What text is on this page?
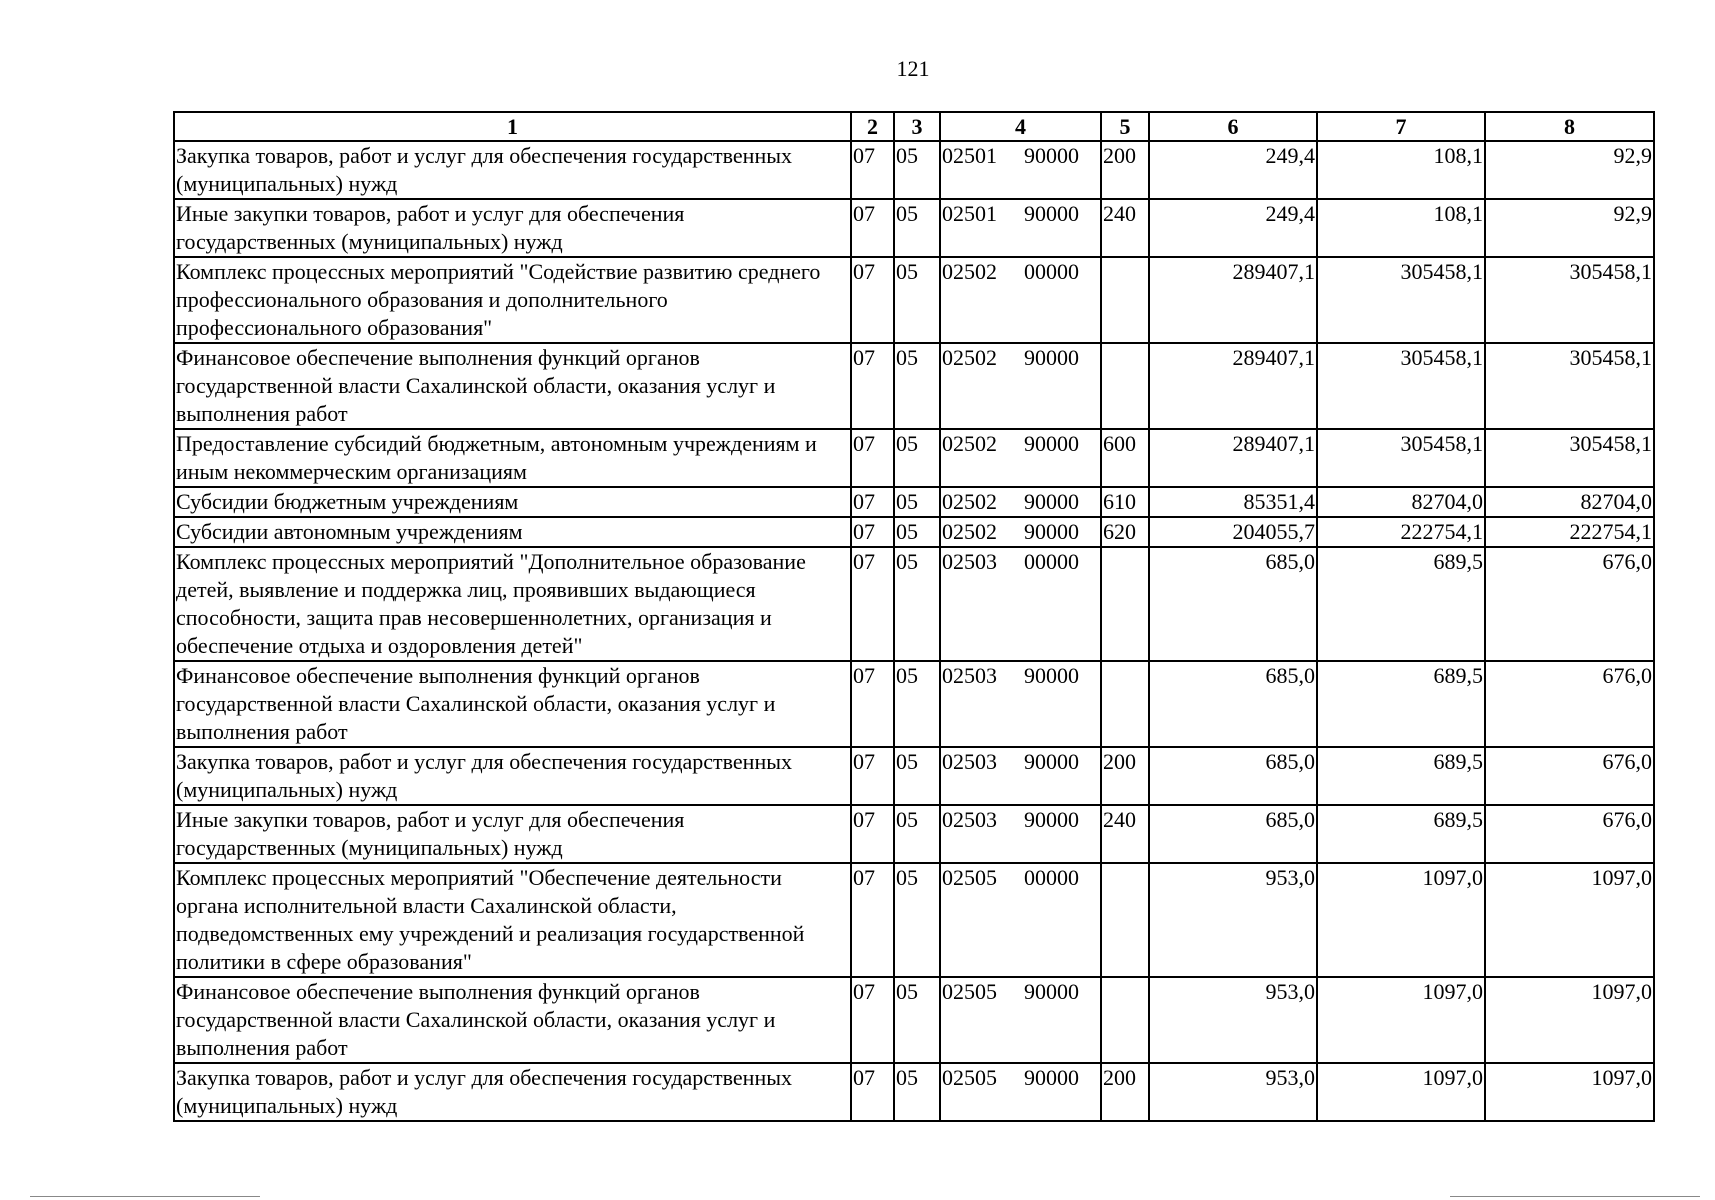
121
1	2	3	4	5	6	7	8
Закупка товаров, работ и услуг для обеспечения государственных (муниципальных) нужд	07	05	02501 90000	200	249,4	108,1	92,9
Иные закупки товаров, работ и услуг для обеспечения государственных (муниципальных) нужд	07	05	02501 90000	240	249,4	108,1	92,9
Комплекс процессных мероприятий "Содействие развитию среднего профессионального образования и дополнительного профессионального образования"	07	05	02502 00000		289407,1	305458,1	305458,1
Финансовое обеспечение выполнения функций органов государственной власти Сахалинской области, оказания услуг и выполнения работ	07	05	02502 90000		289407,1	305458,1	305458,1
Предоставление субсидий бюджетным, автономным учреждениям и иным некоммерческим организациям	07	05	02502 90000	600	289407,1	305458,1	305458,1
Субсидии бюджетным учреждениям	07	05	02502 90000	610	85351,4	82704,0	82704,0
Субсидии автономным учреждениям	07	05	02502 90000	620	204055,7	222754,1	222754,1
Комплекс процессных мероприятий "Дополнительное образование детей, выявление и поддержка лиц, проявивших выдающиеся способности, защита прав несовершеннолетних, организация и обеспечение отдыха и оздоровления детей"	07	05	02503 00000		685,0	689,5	676,0
Финансовое обеспечение выполнения функций органов государственной власти Сахалинской области, оказания услуг и выполнения работ	07	05	02503 90000		685,0	689,5	676,0
Закупка товаров, работ и услуг для обеспечения государственных (муниципальных) нужд	07	05	02503 90000	200	685,0	689,5	676,0
Иные закупки товаров, работ и услуг для обеспечения государственных (муниципальных) нужд	07	05	02503 90000	240	685,0	689,5	676,0
Комплекс процессных мероприятий "Обеспечение деятельности органа исполнительной власти Сахалинской области, подведомственных ему учреждений и реализация государственной политики в сфере образования"	07	05	02505 00000		953,0	1097,0	1097,0
Финансовое обеспечение выполнения функций органов государственной власти Сахалинской области, оказания услуг и выполнения работ	07	05	02505 90000		953,0	1097,0	1097,0
Закупка товаров, работ и услуг для обеспечения государственных (муниципальных) нужд	07	05	02505 90000	200	953,0	1097,0	1097,0
